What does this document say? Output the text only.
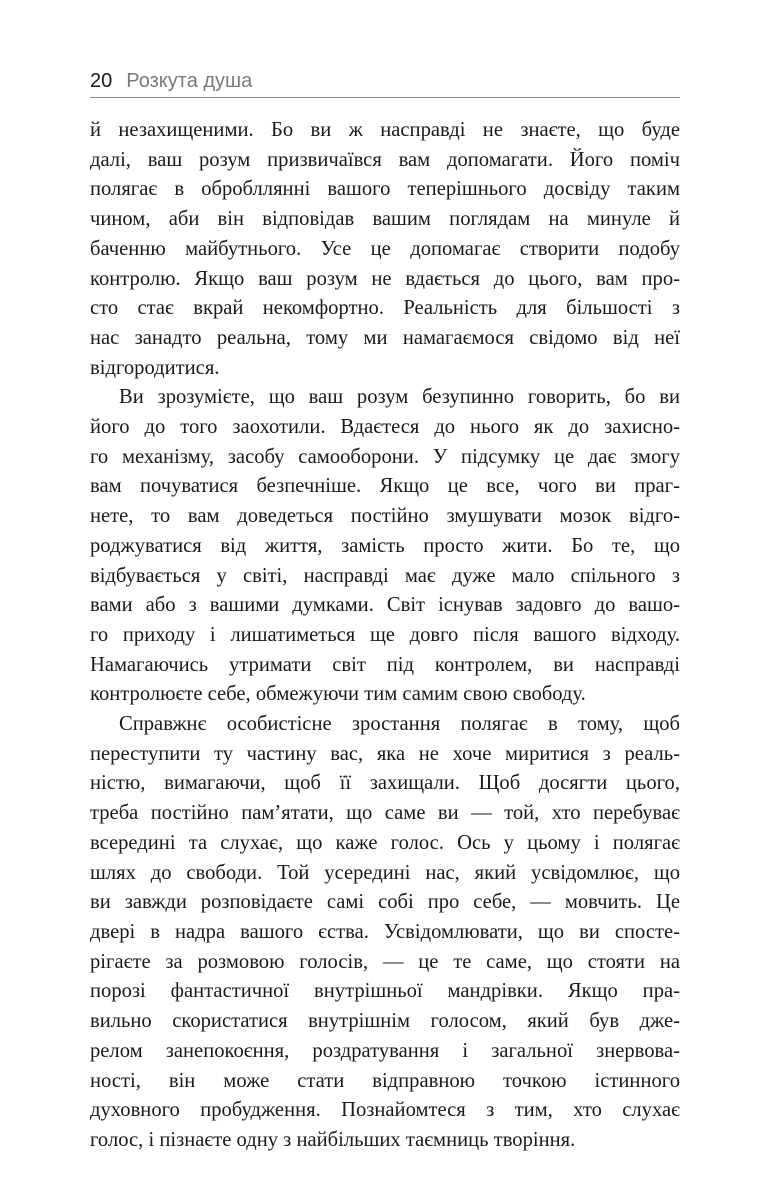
20 Розкута душа
й незахищеними. Бо ви ж насправді не знаєте, що буде
далі, ваш розум призвичаївся вам допомагати. Його поміч
полягає в обробллянні вашого теперішнього досвіду таким
чином, аби він відповідав вашим поглядам на минуле й
баченню майбутнього. Усе це допомагає створити подобу
контролю. Якщо ваш розум не вдається до цього, вам про-
сто стає вкрай некомфортно. Реальність для більшості з
нас занадто реальна, тому ми намагаємося свідомо від неї
відгородитися.
Ви зрозумієте, що ваш розум безупинно говорить, бо ви
його до того заохотили. Вдаєтеся до нього як до захисно-
го механізму, засобу самооборони. У підсумку це дає змогу
вам почуватися безпечніше. Якщо це все, чого ви праг-
нете, то вам доведеться постійно змушувати мозок відго-
роджуватися від життя, замість просто жити. Бо те, що
відбувається у світі, насправді має дуже мало спільного з
вами або з вашими думками. Світ існував задовго до вашо-
го приходу і лишатиметься ще довго після вашого відходу.
Намагаючись утримати світ під контролем, ви насправді
контролюєте себе, обмежуючи тим самим свою свободу.
Справжнє особистісне зростання полягає в тому, щоб
переступити ту частину вас, яка не хоче миритися з реаль-
ністю, вимагаючи, щоб її захищали. Щоб досягти цього,
треба постійно пам’ятати, що саме ви — той, хто перебуває
всередині та слухає, що каже голос. Ось у цьому і полягає
шлях до свободи. Той усередині нас, який усвідомлює, що
ви завжди розповідаєте самі собі про себе, — мовчить. Це
двері в надра вашого єства. Усвідомлювати, що ви спосте-
рігаєте за розмовою голосів, — це те саме, що стояти на
порозі фантастичної внутрішньої мандрівки. Якщо пра-
вильно скористатися внутрішнім голосом, який був дже-
релом занепокоєння, роздратування і загальної знервова-
ності, він може стати відправною точкою істинного
духовного пробудження. Познайомтеся з тим, хто слухає
голос, і пізнаєте одну з найбільших таємниць творіння.
